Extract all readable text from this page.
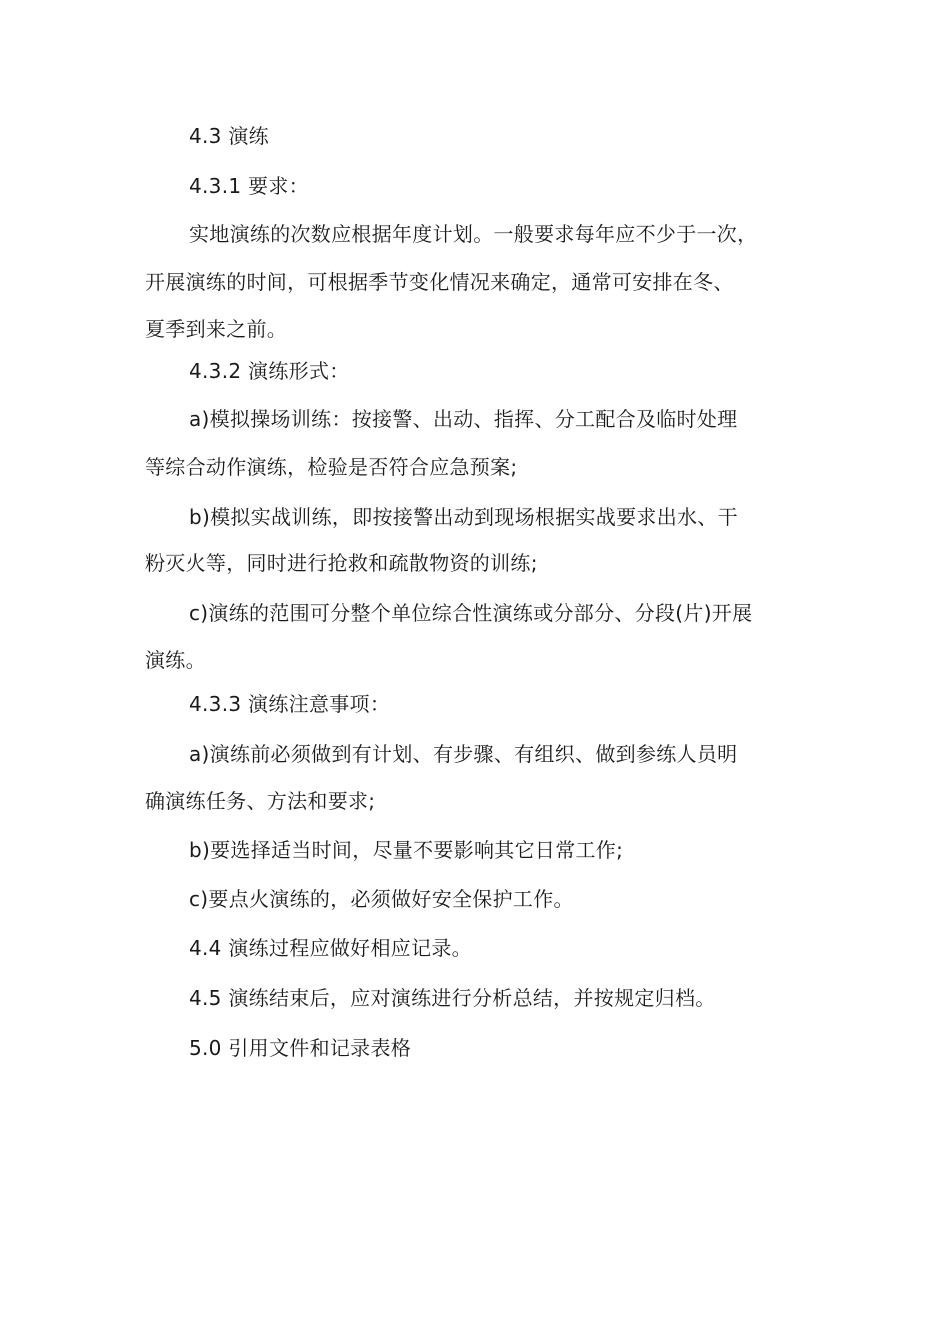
4.3 演练
4.3.1 要求：
实地演练的次数应根据年度计划。一般要求每年应不少于一次，
开展演练的时间，可根据季节变化情况来确定，通常可安排在冬、
夏季到来之前。
4.3.2 演练形式：
a)模拟操场训练：按接警、出动、指挥、分工配合及临时处理
等综合动作演练，检验是否符合应急预案;
b)模拟实战训练，即按接警出动到现场根据实战要求出水、干
粉灭火等，同时进行抢救和疏散物资的训练;
c)演练的范围可分整个单位综合性演练或分部分、分段(片)开展
演练。
4.3.3 演练注意事项：
a)演练前必须做到有计划、有步骤、有组织、做到参练人员明
确演练任务、方法和要求;
b)要选择适当时间，尽量不要影响其它日常工作;
c)要点火演练的，必须做好安全保护工作。
4.4 演练过程应做好相应记录。
4.5 演练结束后，应对演练进行分析总结，并按规定归档。
5.0 引用文件和记录表格
